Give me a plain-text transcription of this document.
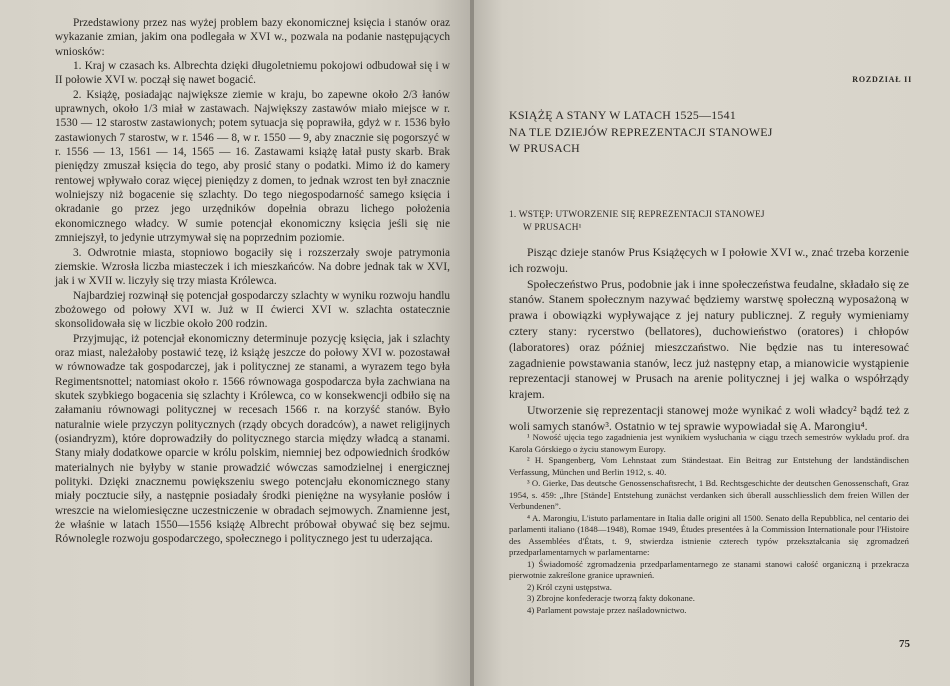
Przedstawiony przez nas wyżej problem bazy ekonomicznej księcia i stanów oraz wykazanie zmian, jakim ona podlegała w XVI w., pozwala na podanie następujących wniosków:

1. Kraj w czasach ks. Albrechta dzięki długoletniemu pokojowi odbudował się i w II połowie XVI w. począł się nawet bogacić.

2. Książę, posiadając największe ziemie w kraju, bo zapewne około 2/3 łanów uprawnych, około 1/3 miał w zastawach. Największy zastawów miało miejsce w r. 1530 — 12 starostw zastawionych; potem sytuacja się poprawiła, gdyż w r. 1536 było zastawionych 7 starostw, w r. 1546 — 8, w r. 1550 — 9, aby znacznie się pogorszyć w r. 1556 — 13, 1561 — 14, 1565 — 16. Zastawami książę łatał pusty skarb. Brak pieniędzy zmuszał księcia do tego, aby prosić stany o podatki. Mimo iż do kamery rentowej wpływało coraz więcej pieniędzy z domen, to jednak wzrost ten był znacznie wolniejszy niż bogacenie się szlachty. Do tego niegospodarność samego księcia i okradanie go przez jego urzędników dopełnia obrazu lichego położenia ekonomicznego władcy. W sumie potencjał ekonomiczny księcia jeśli się nie zmniejszył, to jedynie utrzymywał się na poprzednim poziomie.

3. Odwrotnie miasta, stopniowo bogaciły się i rozszerzały swoje patrymonia ziemskie. Wzrosła liczba miasteczek i ich mieszkańców. Na dobre jednak tak w XVI, jak i w XVII w. liczyły się trzy miasta Królewca.

Najbardziej rozwinął się potencjał gospodarczy szlachty w wyniku rozwoju handlu zbożowego od połowy XVI w. Już w II ćwierci XVI w. szlachta ostatecznie skonsolidowała się w liczbie około 200 rodzin.

Przyjmując, iż potencjał ekonomiczny determinuje pozycję księcia, jak i szlachty oraz miast, należałoby postawić tezę, iż książę jeszcze do połowy XVI w. pozostawał w równowadze tak gospodarczej, jak i politycznej ze stanami, a wyrazem tego była Regimentsnottel; natomiast około r. 1566 równowaga gospodarcza była zachwiana na skutek szybkiego bogacenia się szlachty i Królewca, co w konsekwencji odbiło się na załamaniu równowagi politycznej w recesach 1566 r. na korzyść stanów. Było naturalnie wiele przyczyn politycznych (rządy obcych doradców), a nawet religijnych (osiandryzm), które doprowadziły do politycznego starcia między władcą a stanami. Stany miały dodatkowe oparcie w królu polskim, niemniej bez odpowiednich środków materialnych nie byłyby w stanie prowadzić wówczas samodzielnej i energicznej polityki. Dzięki znacznemu powiększeniu swego potencjału ekonomicznego stany miały pocztucie siły, a następnie posiadały środki pieniężne na wysyłanie posłów i wreszcie na wielomiesięczne uczestniczenie w obradach sejmowych. Znamienne jest, że właśnie w latach 1550—1556 książę Albrecht próbował obywać się bez sejmu. Równolegle rozwoju gospodarczego, społecznego i politycznego jest tu uderzająca.

ROZDZIAŁ II
KSIĄŻĘ A STANY W LATACH 1525—1541
NA TLE DZIEJÓW REPREZENTACJI STANOWEJ
W PRUSACH
1. WSTĘP: UTWORZENIE SIĘ REPREZENTACJI STANOWEJ
W PRUSACH¹

Pisząc dzieje stanów Prus Książęcych w I połowie XVI w., znać trzeba korzenie ich rozwoju.

Społeczeństwo Prus, podobnie jak i inne społeczeństwa feudalne, składało się ze stanów. Stanem społecznym nazywać będziemy warstwę społeczną wyposażoną w prawa i obowiązki wypływające z jej natury publicznej. Z reguły wymieniamy cztery stany: rycerstwo (bellatores), duchowieństwo (oratores) i chłopów (laboratores) oraz później mieszczaństwo. Nie będzie nas tu interesować zagadnienie powstawania stanów, lecz już następny etap, a mianowicie wystąpienie reprezentacji stanowej w Prusach na arenie politycznej i jej walka o współrządy krajem.

Utworzenie się reprezentacji stanowej może wynikać z woli władcy² bądź też z woli samych stanów³. Ostatnio w tej sprawie wypowiadał się A. Marongiu⁴.

¹ Nowość ujęcia tego zagadnienia jest wynikiem wysłuchania w ciągu trzech semestrów wykładu prof. dra Karola Górskiego o życiu stanowym Europy.

² H. Spangenberg, Vom Lehnstaat zum Ständestaat. Ein Beitrag zur Entstehung der landständischen Verfassung, München und Berlin 1912, s. 40.

³ O. Gierke, Das deutsche Genossenschaftsrecht, 1 Bd. Rechtsgeschichte der deutschen Genossenschaft, Graz 1954, s. 459: „Ihre [Stände] Entstehung zunächst verdanken sich überall ausschliesslich dem freien Willen der Verbundenen”.

⁴ A. Marongiu, L'istuto parlamentare in Italia dalle origini all 1500. Senato della Repubblica, nel centario dei parlamenti italiano (1848—1948), Romae 1949, Études presentées à la Commission Internationale pour l'Histoire des Assemblées d'États, t. 9, stwierdza istnienie czterech typów przekształcania się zgromadzeń przedparlamentarnych w parlamentarne:

1) Świadomość zgromadzenia przedparlamentarnego ze stanami stanowi całość organiczną i przekracza pierwotnie zakreślone granice uprawnień.

2) Król czyni ustępstwa.

3) Zbrojne konfederacje tworzą fakty dokonane.

4) Parlament powstaje przez naśladownictwo.

75
